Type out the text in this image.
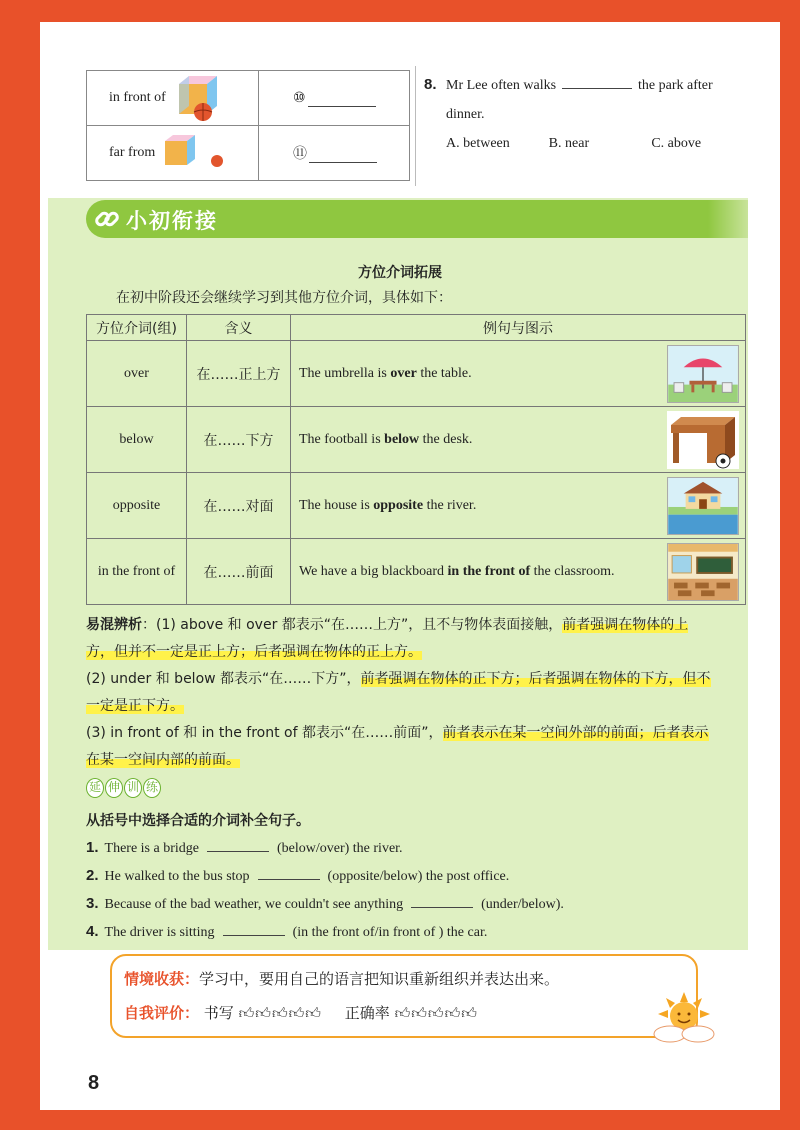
in front of	⑩
far from	⑪
8. Mr Lee often walks	the park after
dinner.
A. between	B. near	C. above
小初衔接
方位介词拓展
在初中阶段还会继续学习到其他方位介词，具体如下：
方位介词(组)	含义	例句与图示
over	在……正上方	The umbrella is over the table.

below	在……下方	The football is below the desk.

opposite	在……对面	The house is opposite the river.

in the front of	在……前面	We have a big blackboard in the front of the classroom.
易混辨析：(1) above 和 over 都表示“在……上方”，且不与物体表面接触，前者强调在物体的上
方，但并不一定是正上方；后者强调在物体的正上方。
(2) under 和 below 都表示“在……下方”，前者强调在物体的正下方；后者强调在物体的下方，但不
一定是正下方。
(3) in front of 和 in the front of 都表示“在……前面”，前者表示在某一空间外部的前面；后者表示
在某一空间内部的前面。
延 伸 训 练
从括号中选择合适的介词补全句子。
1. There is a bridge	(below/over) the river.
2. He walked to the bus stop	(opposite/below) the post office.
3. Because of the bad weather, we couldn't see anything	(under/below).
4. The driver is sitting	(in the front of/in front of ) the car.
情境收获：学习中，要用自己的语言把知识重新组织并表达出来。
自我评价： 书写 👍︎👍︎👍︎👍︎👍︎ 正确率 👍︎👍︎👍︎👍︎👍︎
8
